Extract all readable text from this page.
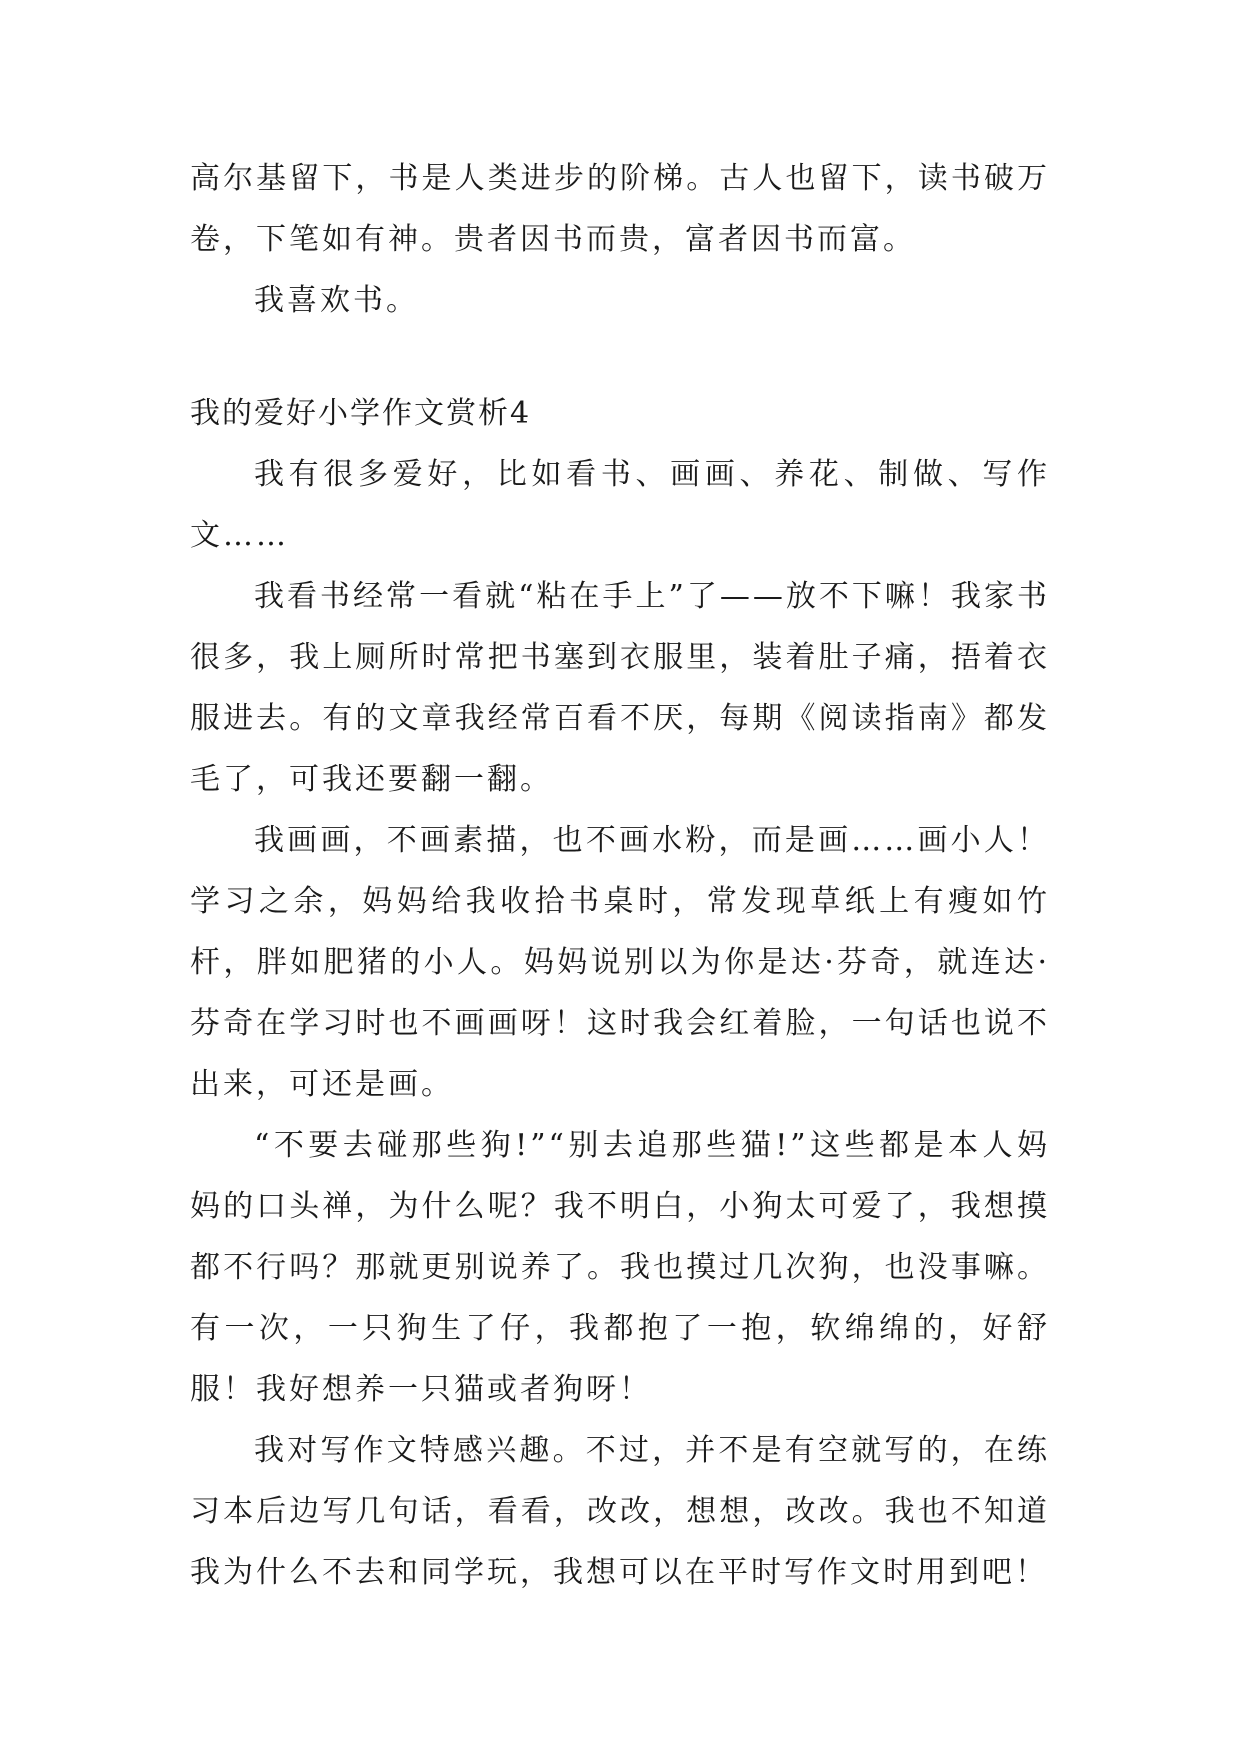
高尔基留下，书是人类进步的阶梯。古人也留下，读书破万卷，下笔如有神。贵者因书而贵，富者因书而富。

我喜欢书。

我的爱好小学作文赏析4

我有很多爱好，比如看书、画画、养花、制做、写作文……

我看书经常一看就“粘在手上”了——放不下嘛！我家书很多，我上厕所时常把书塞到衣服里，装着肚子痛，捂着衣服进去。有的文章我经常百看不厌，每期《阅读指南》都发毛了，可我还要翻一翻。

我画画，不画素描，也不画水粉，而是画……画小人！学习之余，妈妈给我收拾书桌时，常发现草纸上有瘦如竹杆，胖如肥猪的小人。妈妈说别以为你是达·芬奇，就连达·芬奇在学习时也不画画呀！这时我会红着脸，一句话也说不出来，可还是画。

“不要去碰那些狗!”“别去追那些猫!”这些都是本人妈妈的口头禅，为什么呢？我不明白，小狗太可爱了，我想摸都不行吗？那就更别说养了。我也摸过几次狗，也没事嘛。有一次，一只狗生了仔，我都抱了一抱，软绵绵的，好舒服！我好想养一只猫或者狗呀！

我对写作文特感兴趣。不过，并不是有空就写的，在练习本后边写几句话，看看，改改，想想，改改。我也不知道我为什么不去和同学玩，我想可以在平时写作文时用到吧！
